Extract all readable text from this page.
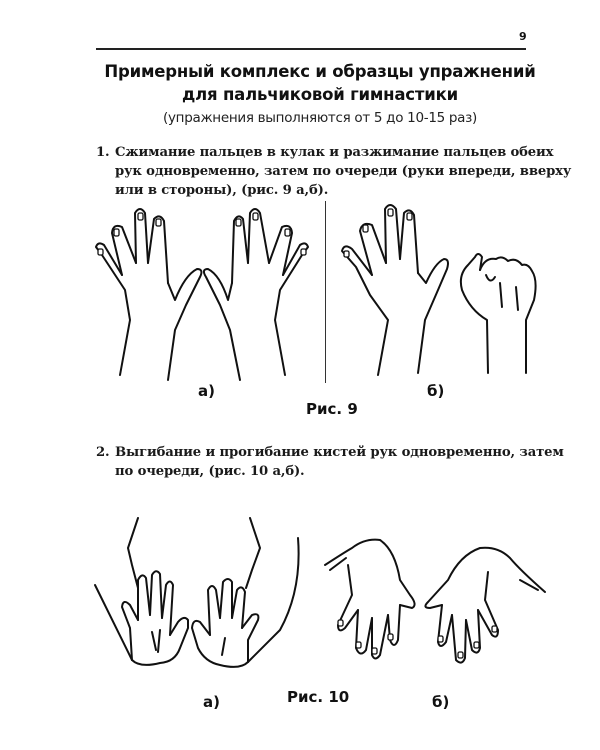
9
Примерный комплекс и образцы упражнений
для пальчиковой гимнастики
(упражнения выполняются от 5 до 10-15 раз)
1. Сжимание пальцев в кулак и разжимание пальцев обеих
рук одновременно, затем по очереди (руки впереди, вверху
или в стороны), (рис. 9 а,б).
а)	б)
Рис. 9
2. Выгибание и прогибание кистей рук одновременно, затем
по очереди, (рис. 10 а,б).
а)	Рис. 10	б)
